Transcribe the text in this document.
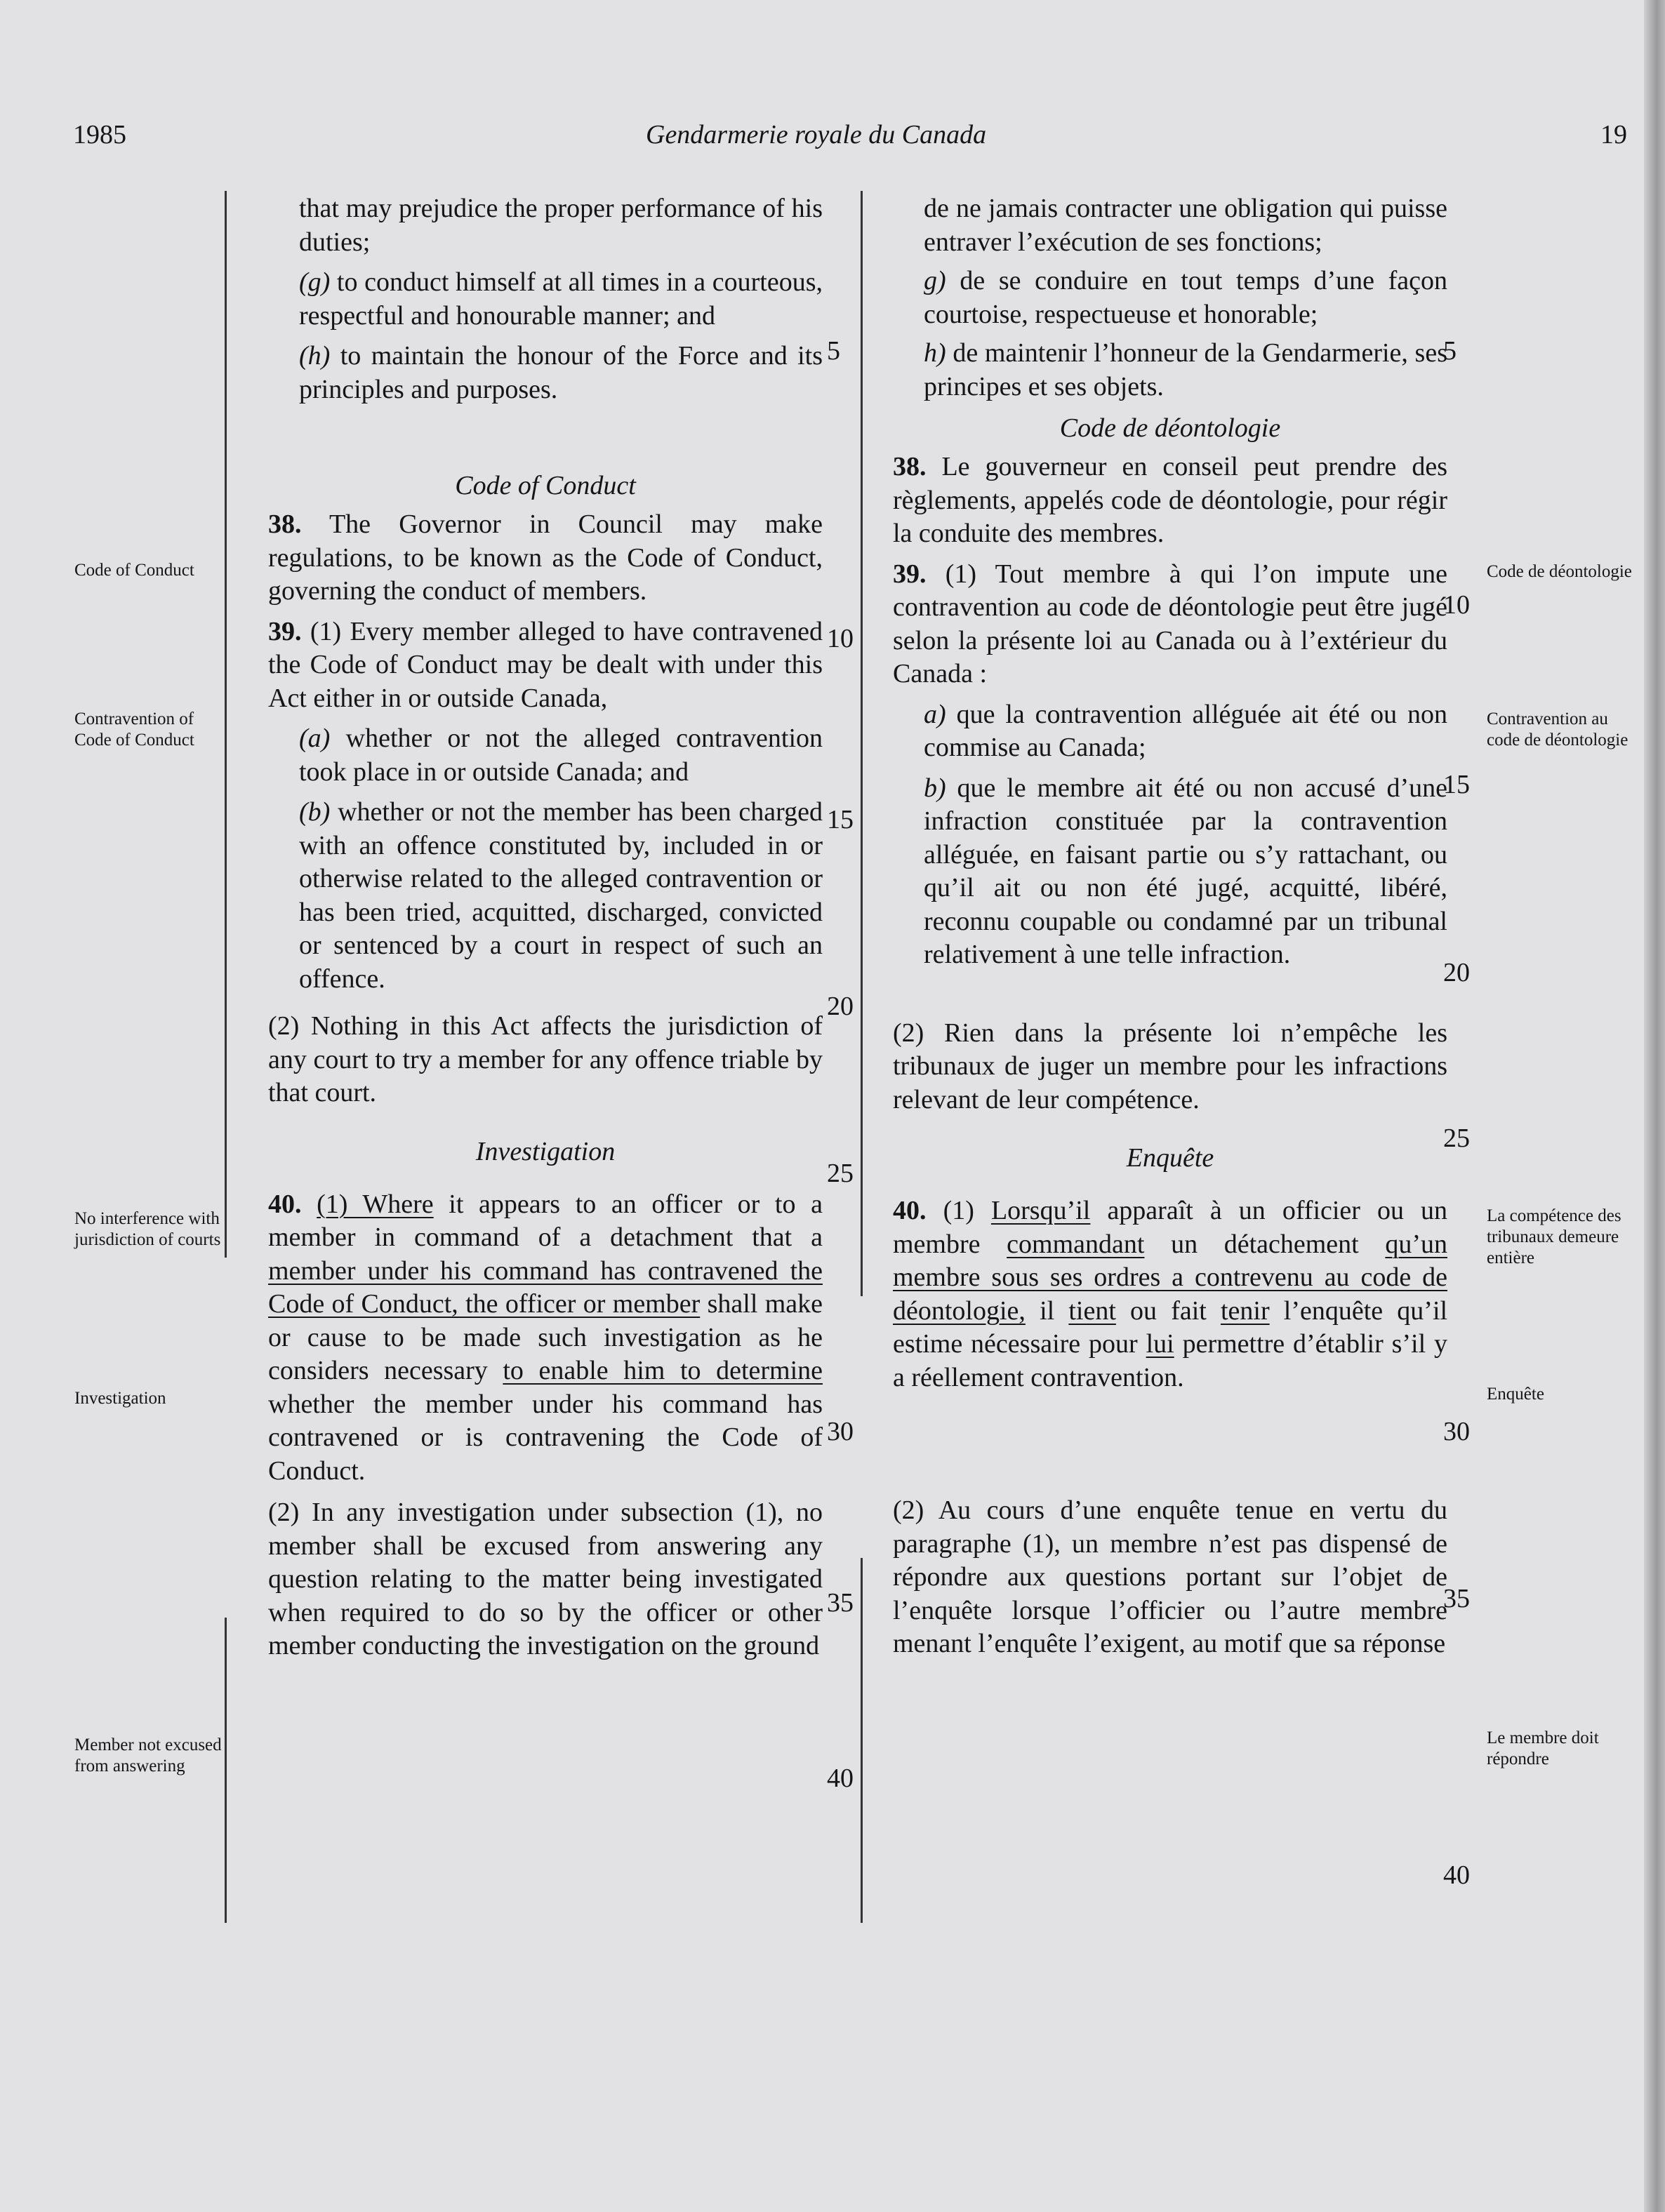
1985	Gendarmerie royale du Canada	19
Code of Conduct
Contravention of Code of Conduct
No interference with jurisdiction of courts
Investigation
Member not excused from answering
Code de déontologie
Contravention au code de déontologie
La compétence des tribunaux demeure entière
Enquête
Le membre doit répondre
5
10
15
20
25
30
35
40
5
10
15
20
25
30
35
40

that may prejudice the proper performance of his duties;

(g) to conduct himself at all times in a courteous, respectful and honourable manner; and

(h) to maintain the honour of the Force and its principles and purposes.

Code of Conduct

38. The Governor in Council may make regulations, to be known as the Code of Conduct, governing the conduct of members.

39. (1) Every member alleged to have contravened the Code of Conduct may be dealt with under this Act either in or outside Canada,

(a) whether or not the alleged contravention took place in or outside Canada; and

(b) whether or not the member has been charged with an offence constituted by, included in or otherwise related to the alleged contravention or has been tried, acquitted, discharged, convicted or sentenced by a court in respect of such an offence.

(2) Nothing in this Act affects the jurisdiction of any court to try a member for any offence triable by that court.

Investigation

40. (1) Where it appears to an officer or to a member in command of a detachment that a member under his command has contravened the Code of Conduct, the officer or member shall make or cause to be made such investigation as he considers necessary to enable him to determine whether the member under his command has contravened or is contravening the Code of Conduct.

(2) In any investigation under subsection (1), no member shall be excused from answering any question relating to the matter being investigated when required to do so by the officer or other member conducting the investigation on the ground

de ne jamais contracter une obligation qui puisse entraver l’exécution de ses fonctions;

g) de se conduire en tout temps d’une façon courtoise, respectueuse et honorable;

h) de maintenir l’honneur de la Gendarmerie, ses principes et ses objets.

Code de déontologie

38. Le gouverneur en conseil peut prendre des règlements, appelés code de déontologie, pour régir la conduite des membres.

39. (1) Tout membre à qui l’on impute une contravention au code de déontologie peut être jugé selon la présente loi au Canada ou à l’extérieur du Canada :

a) que la contravention alléguée ait été ou non commise au Canada;

b) que le membre ait été ou non accusé d’une infraction constituée par la contravention alléguée, en faisant partie ou s’y rattachant, ou qu’il ait ou non été jugé, acquitté, libéré, reconnu coupable ou condamné par un tribunal relativement à une telle infraction.

(2) Rien dans la présente loi n’empêche les tribunaux de juger un membre pour les infractions relevant de leur compétence.

Enquête

40. (1) Lorsqu’il apparaît à un officier ou un membre commandant un détachement qu’un membre sous ses ordres a contrevenu au code de déontologie, il tient ou fait tenir l’enquête qu’il estime nécessaire pour lui permettre d’établir s’il y a réellement contravention.

(2) Au cours d’une enquête tenue en vertu du paragraphe (1), un membre n’est pas dispensé de répondre aux questions portant sur l’objet de l’enquête lorsque l’officier ou l’autre membre menant l’enquête l’exigent, au motif que sa réponse
